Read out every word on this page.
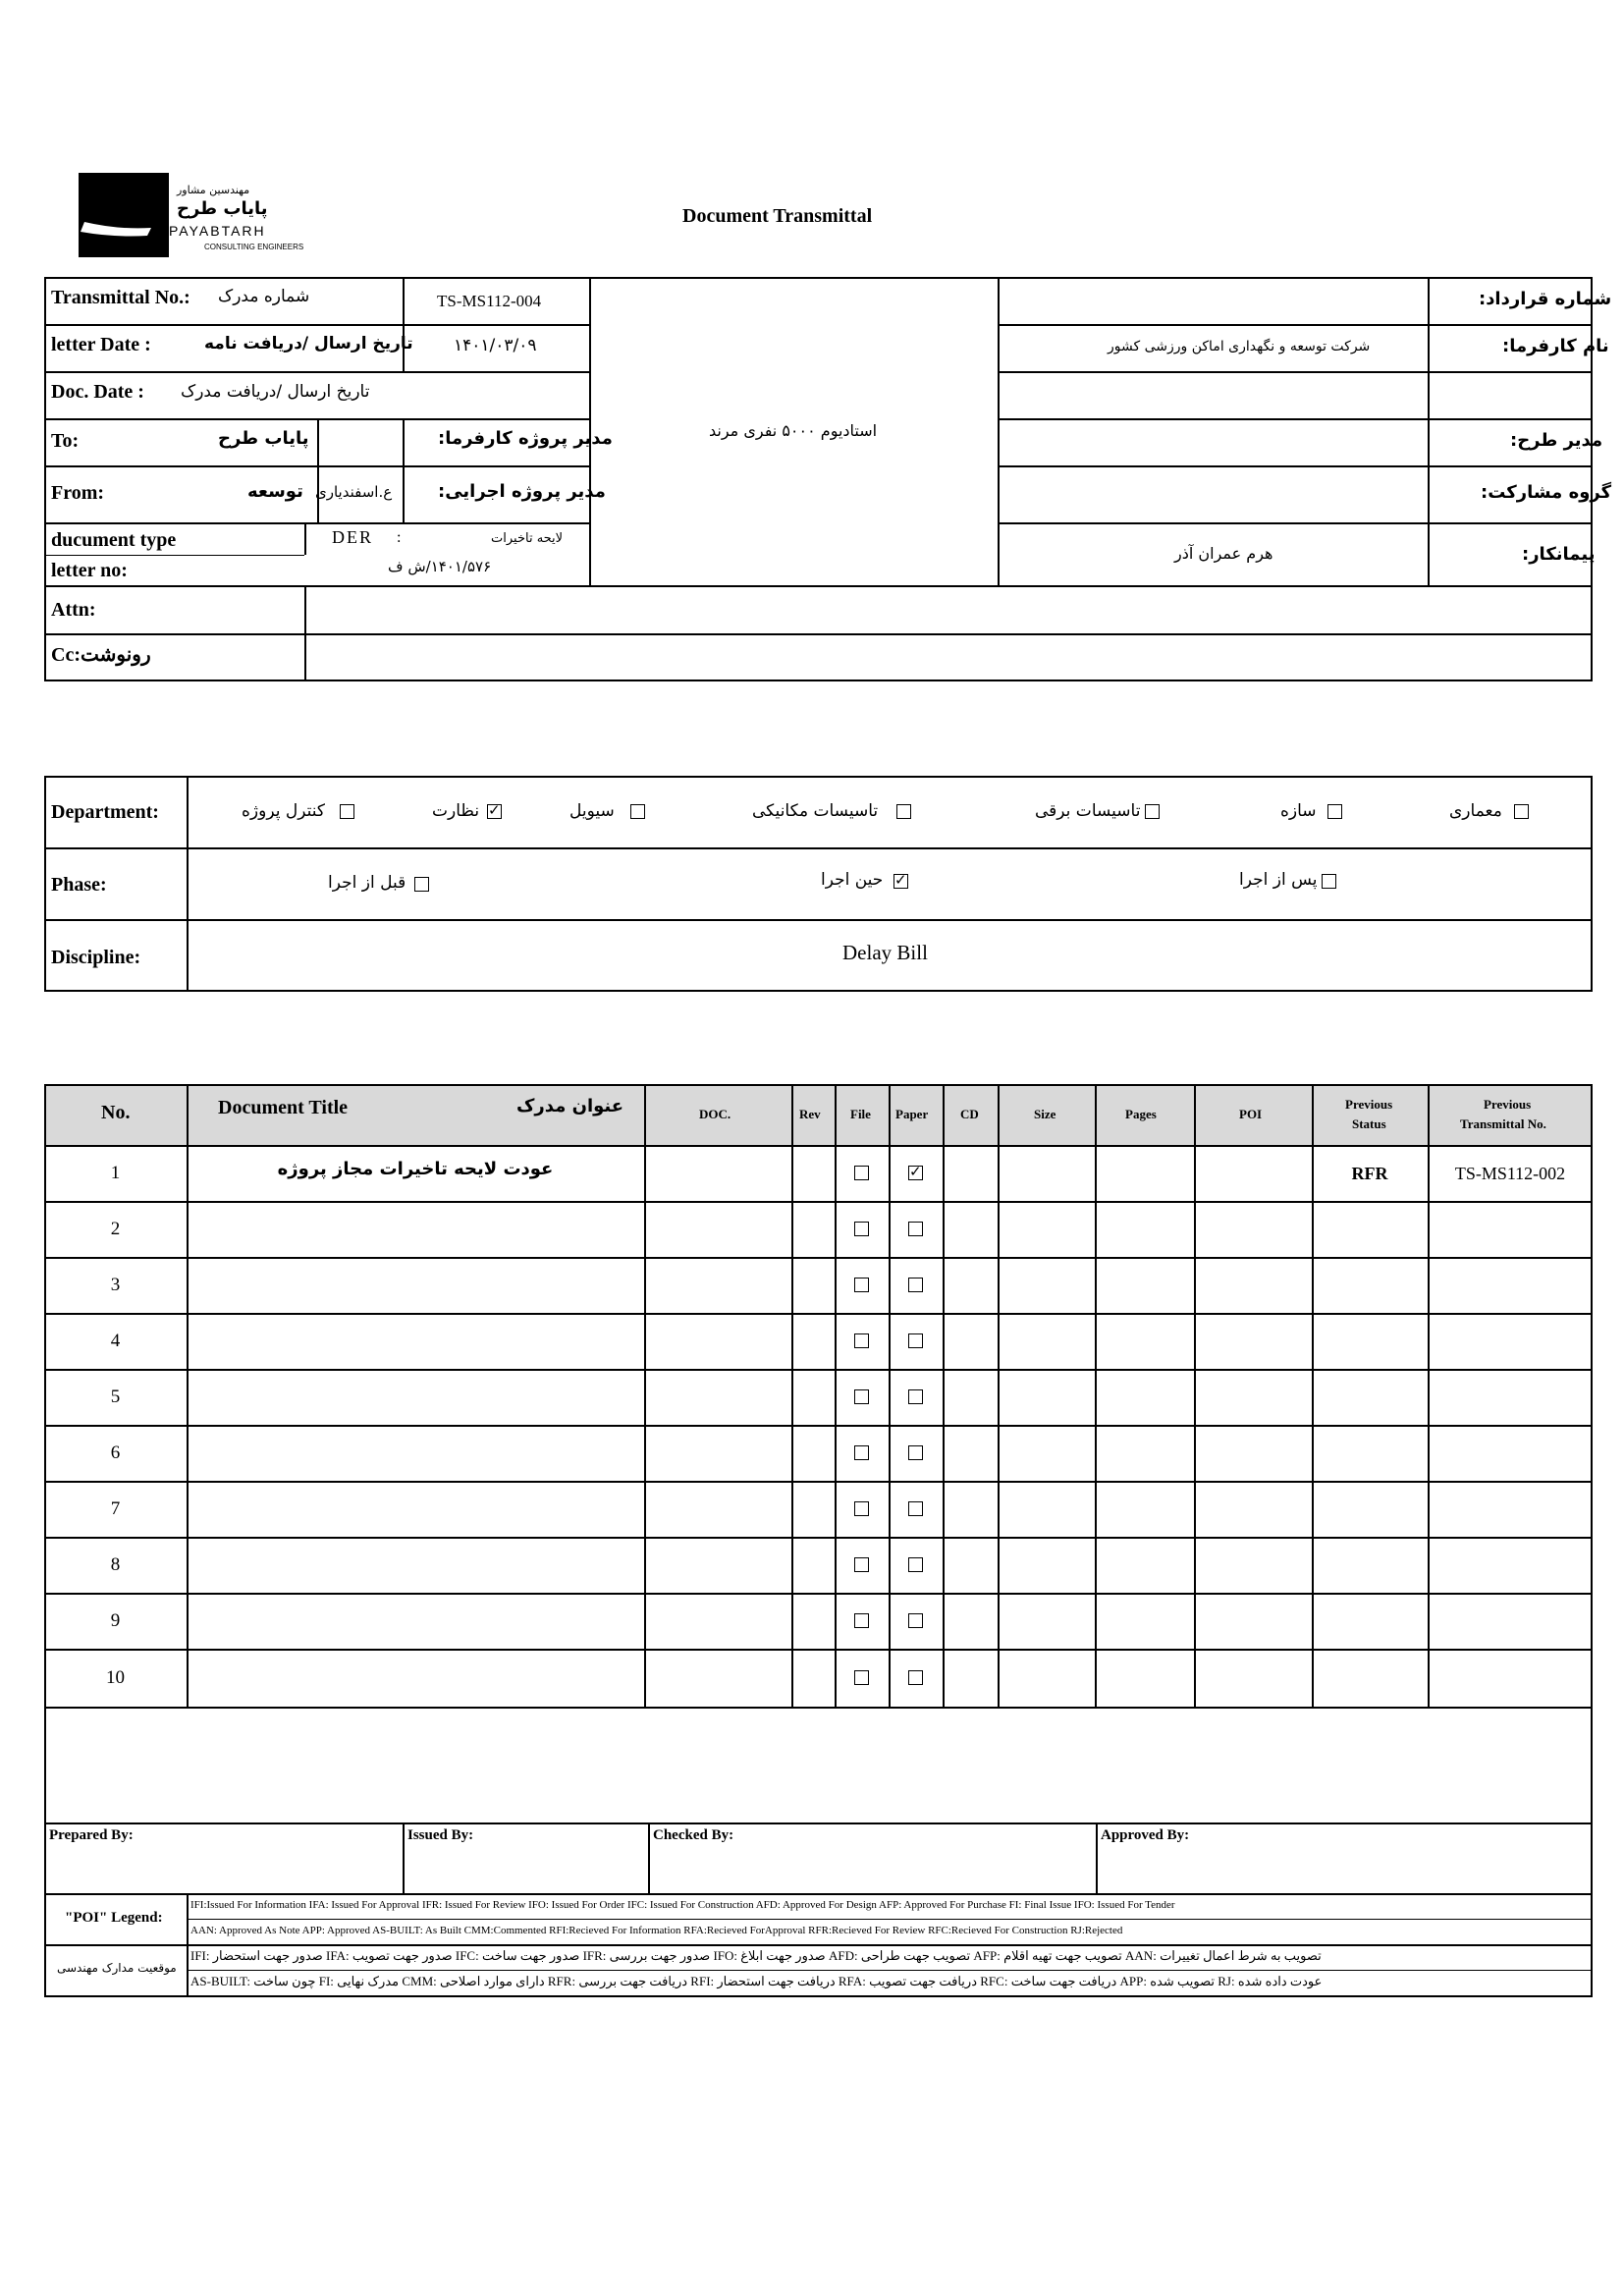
مهندسین مشاور
پایاب طرح
PAYABTARH
CONSULTING ENGINEERS
Document Transmittal
Transmittal No.: شماره مدرک	TS-MS112-004
letter Date :	تاریخ ارسال /دریافت نامه ۱۴۰۱/۰۳/۰۹
Doc. Date : تاریخ ارسال /دریافت مدرک
To:	پایاب طرح	مدیر پروژه کارفرما:
From:	توسعه ع.اسفندیاری	مدیر پروژه اجرایی:
ducument type	DER :	لایحه تاخیرات
letter no:	۱۴۰۱/۵۷۶/ش ف
Attn:
Cc:رونوشت
استادیوم ۵۰۰۰ نفری مرند
شماره قرارداد:
نام کارفرما:
شرکت توسعه و نگهداری اماکن ورزشی کشور
مدیر طرح:
گروه مشارکت:
پیمانکار:
هرم عمران آذر
Department:	معماری
سازه
تاسیسات برقی
تاسیسات مکانیکی
سیویل
نظارت
✓
کنترل پروژه
Phase:	پس از اجرا
حین اجرا
✓
قبل از اجرا
Discipline:	Delay Bill
No.	Document Title	عنوان مدرک	DOC.	Rev File Paper	CD	Size	Pages	POI
Previous
Status
Previous
Transmittal No.
1	عودت لایحه تاخیرات مجاز پروژه
✓	RFR	TS-MS112-002
2
3
4
5
6
7
8
9
10
Prepared By:	Issued By:	Checked By:	Approved By:
"POI" Legend:
IFI:Issued For Information IFA: Issued For Approval IFR: Issued For Review IFO: Issued For Order IFC: Issued For Construction AFD: Approved For Design AFP: Approved For Purchase FI: Final Issue IFO: Issued For Tender
AAN: Approved As Note APP: Approved AS-BUILT: As Built CMM:Commented RFI:Recieved For Information RFA:Recieved ForApproval RFR:Recieved For Review RFC:Recieved For Construction RJ:Rejected
موقعیت مدارک مهندسی
IFI: صدور جهت استحضار IFA: صدور جهت تصویب IFC: صدور جهت ساخت IFR: صدور جهت بررسی IFO: صدور جهت ابلاغ AFD: تصویب جهت طراحی AFP: تصویب جهت تهیه اقلام AAN: تصویب به شرط اعمال تغییرات
AS-BUILT: چون ساخت FI: مدرک نهایی CMM: دارای موارد اصلاحی RFR: دریافت جهت بررسی RFI: دریافت جهت استحضار RFA: دریافت جهت تصویب RFC: دریافت جهت ساخت APP: تصویب شده RJ: عودت داده شده
